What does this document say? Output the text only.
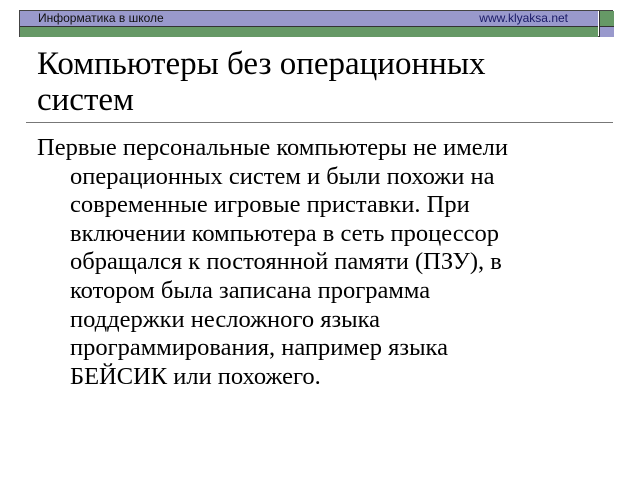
Информатика в школе	www.klyaksa.net
Компьютеры без операционных
систем
Первые персональные компьютеры не имели
операционных систем и были похожи на
современные игровые приставки. При
включении компьютера в сеть процессор
обращался к постоянной памяти (ПЗУ), в
котором была записана программа
поддержки несложного языка
программирования, например языка
БЕЙСИК или похожего.
